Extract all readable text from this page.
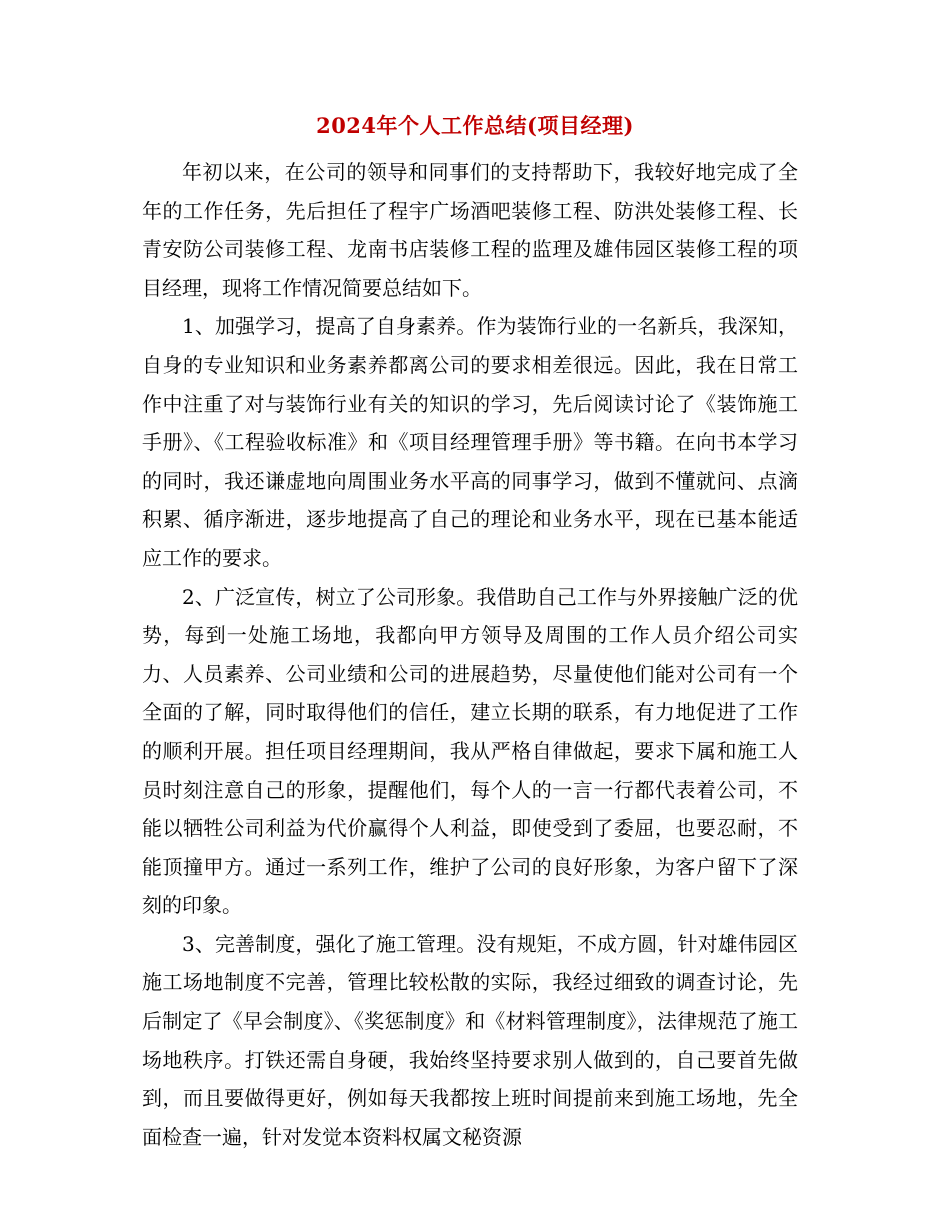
2024年个人工作总结(项目经理)

年初以来，在公司的领导和同事们的支持帮助下，我较好地完成了全年的工作任务，先后担任了程宇广场酒吧装修工程、防洪处装修工程、长青安防公司装修工程、龙南书店装修工程的监理及雄伟园区装修工程的项目经理，现将工作情况简要总结如下。

1、加强学习，提高了自身素养。作为装饰行业的一名新兵，我深知，自身的专业知识和业务素养都离公司的要求相差很远。因此，我在日常工作中注重了对与装饰行业有关的知识的学习，先后阅读讨论了《装饰施工手册》、《工程验收标准》和《项目经理管理手册》等书籍。在向书本学习的同时，我还谦虚地向周围业务水平高的同事学习，做到不懂就问、点滴积累、循序渐进，逐步地提高了自己的理论和业务水平，现在已基本能适应工作的要求。

2、广泛宣传，树立了公司形象。我借助自己工作与外界接触广泛的优势，每到一处施工场地，我都向甲方领导及周围的工作人员介绍公司实力、人员素养、公司业绩和公司的进展趋势，尽量使他们能对公司有一个全面的了解，同时取得他们的信任，建立长期的联系，有力地促进了工作的顺利开展。担任项目经理期间，我从严格自律做起，要求下属和施工人员时刻注意自己的形象，提醒他们，每个人的一言一行都代表着公司，不能以牺牲公司利益为代价赢得个人利益，即使受到了委屈，也要忍耐，不能顶撞甲方。通过一系列工作，维护了公司的良好形象，为客户留下了深刻的印象。

3、完善制度，强化了施工管理。没有规矩，不成方圆，针对雄伟园区施工场地制度不完善，管理比较松散的实际，我经过细致的调查讨论，先后制定了《早会制度》、《奖惩制度》和《材料管理制度》，法律规范了施工场地秩序。打铁还需自身硬，我始终坚持要求别人做到的，自己要首先做到，而且要做得更好，例如每天我都按上班时间提前来到施工场地，先全面检查一遍，针对发觉本资料权属文秘资源
